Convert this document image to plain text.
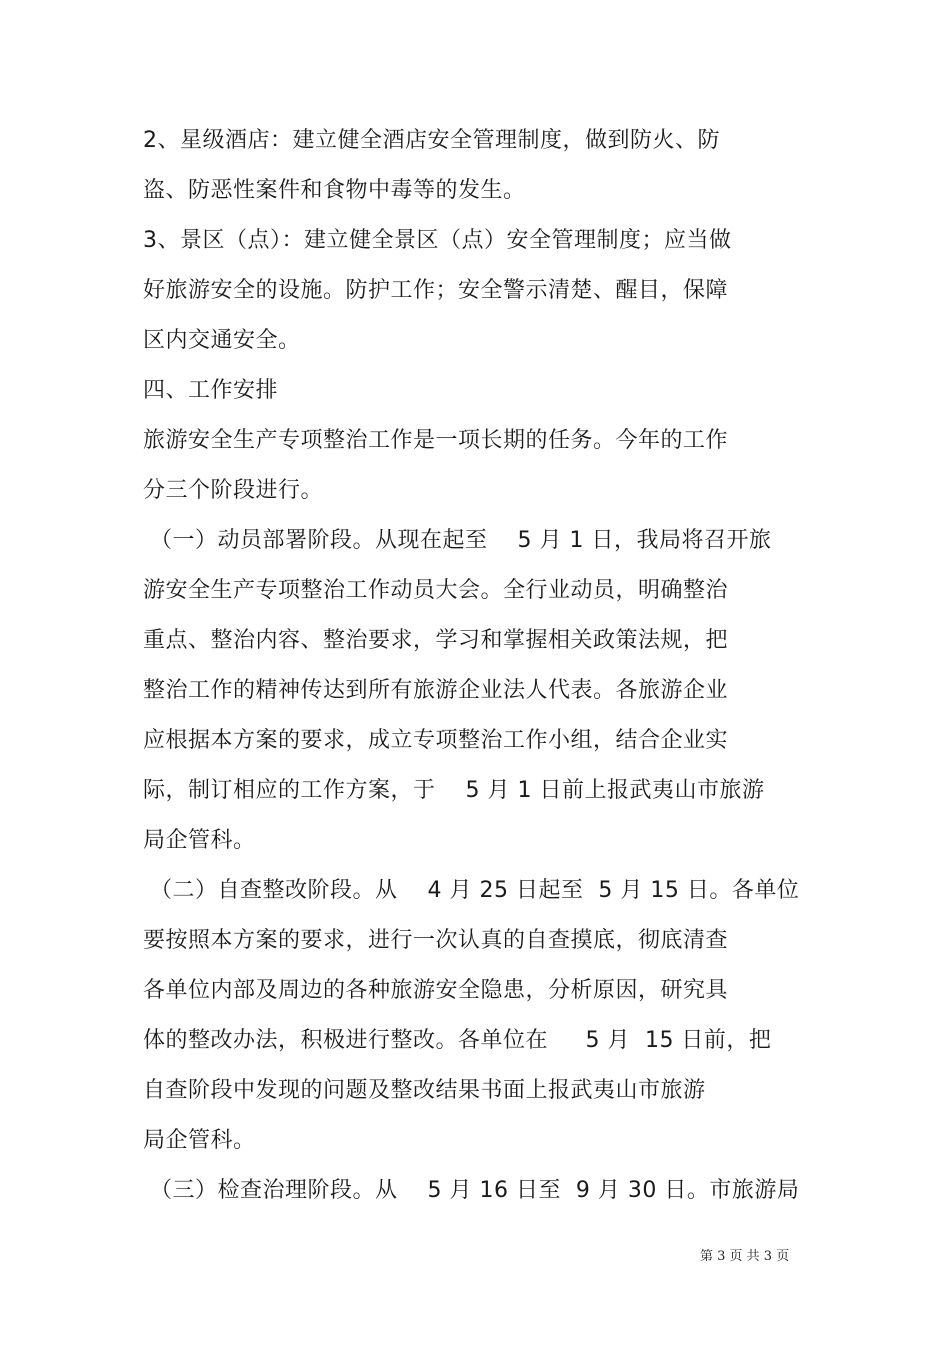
2、星级酒店：建立健全酒店安全管理制度，做到防火、防
盗、防恶性案件和食物中毒等的发生。
3、景区（点）：建立健全景区（点）安全管理制度；应当做
好旅游安全的设施。防护工作；安全警示清楚、醒目，保障
区内交通安全。
四、工作安排
旅游安全生产专项整治工作是一项长期的任务。今年的工作
分三个阶段进行。
（一）动员部署阶段。从现在起至    5 月 1 日，我局将召开旅
游安全生产专项整治工作动员大会。全行业动员，明确整治
重点、整治内容、整治要求，学习和掌握相关政策法规，把
整治工作的精神传达到所有旅游企业法人代表。各旅游企业
应根据本方案的要求，成立专项整治工作小组，结合企业实
际，制订相应的工作方案，于    5 月 1 日前上报武夷山市旅游
局企管科。
（二）自查整改阶段。从    4 月 25 日起至  5 月 15 日。各单位
要按照本方案的要求，进行一次认真的自查摸底，彻底清查
各单位内部及周边的各种旅游安全隐患，分析原因，研究具
体的整改办法，积极进行整改。各单位在     5 月  15 日前，把
自查阶段中发现的问题及整改结果书面上报武夷山市旅游
局企管科。
（三）检查治理阶段。从    5 月 16 日至  9 月 30 日。市旅游局
第 3 页 共 3 页
